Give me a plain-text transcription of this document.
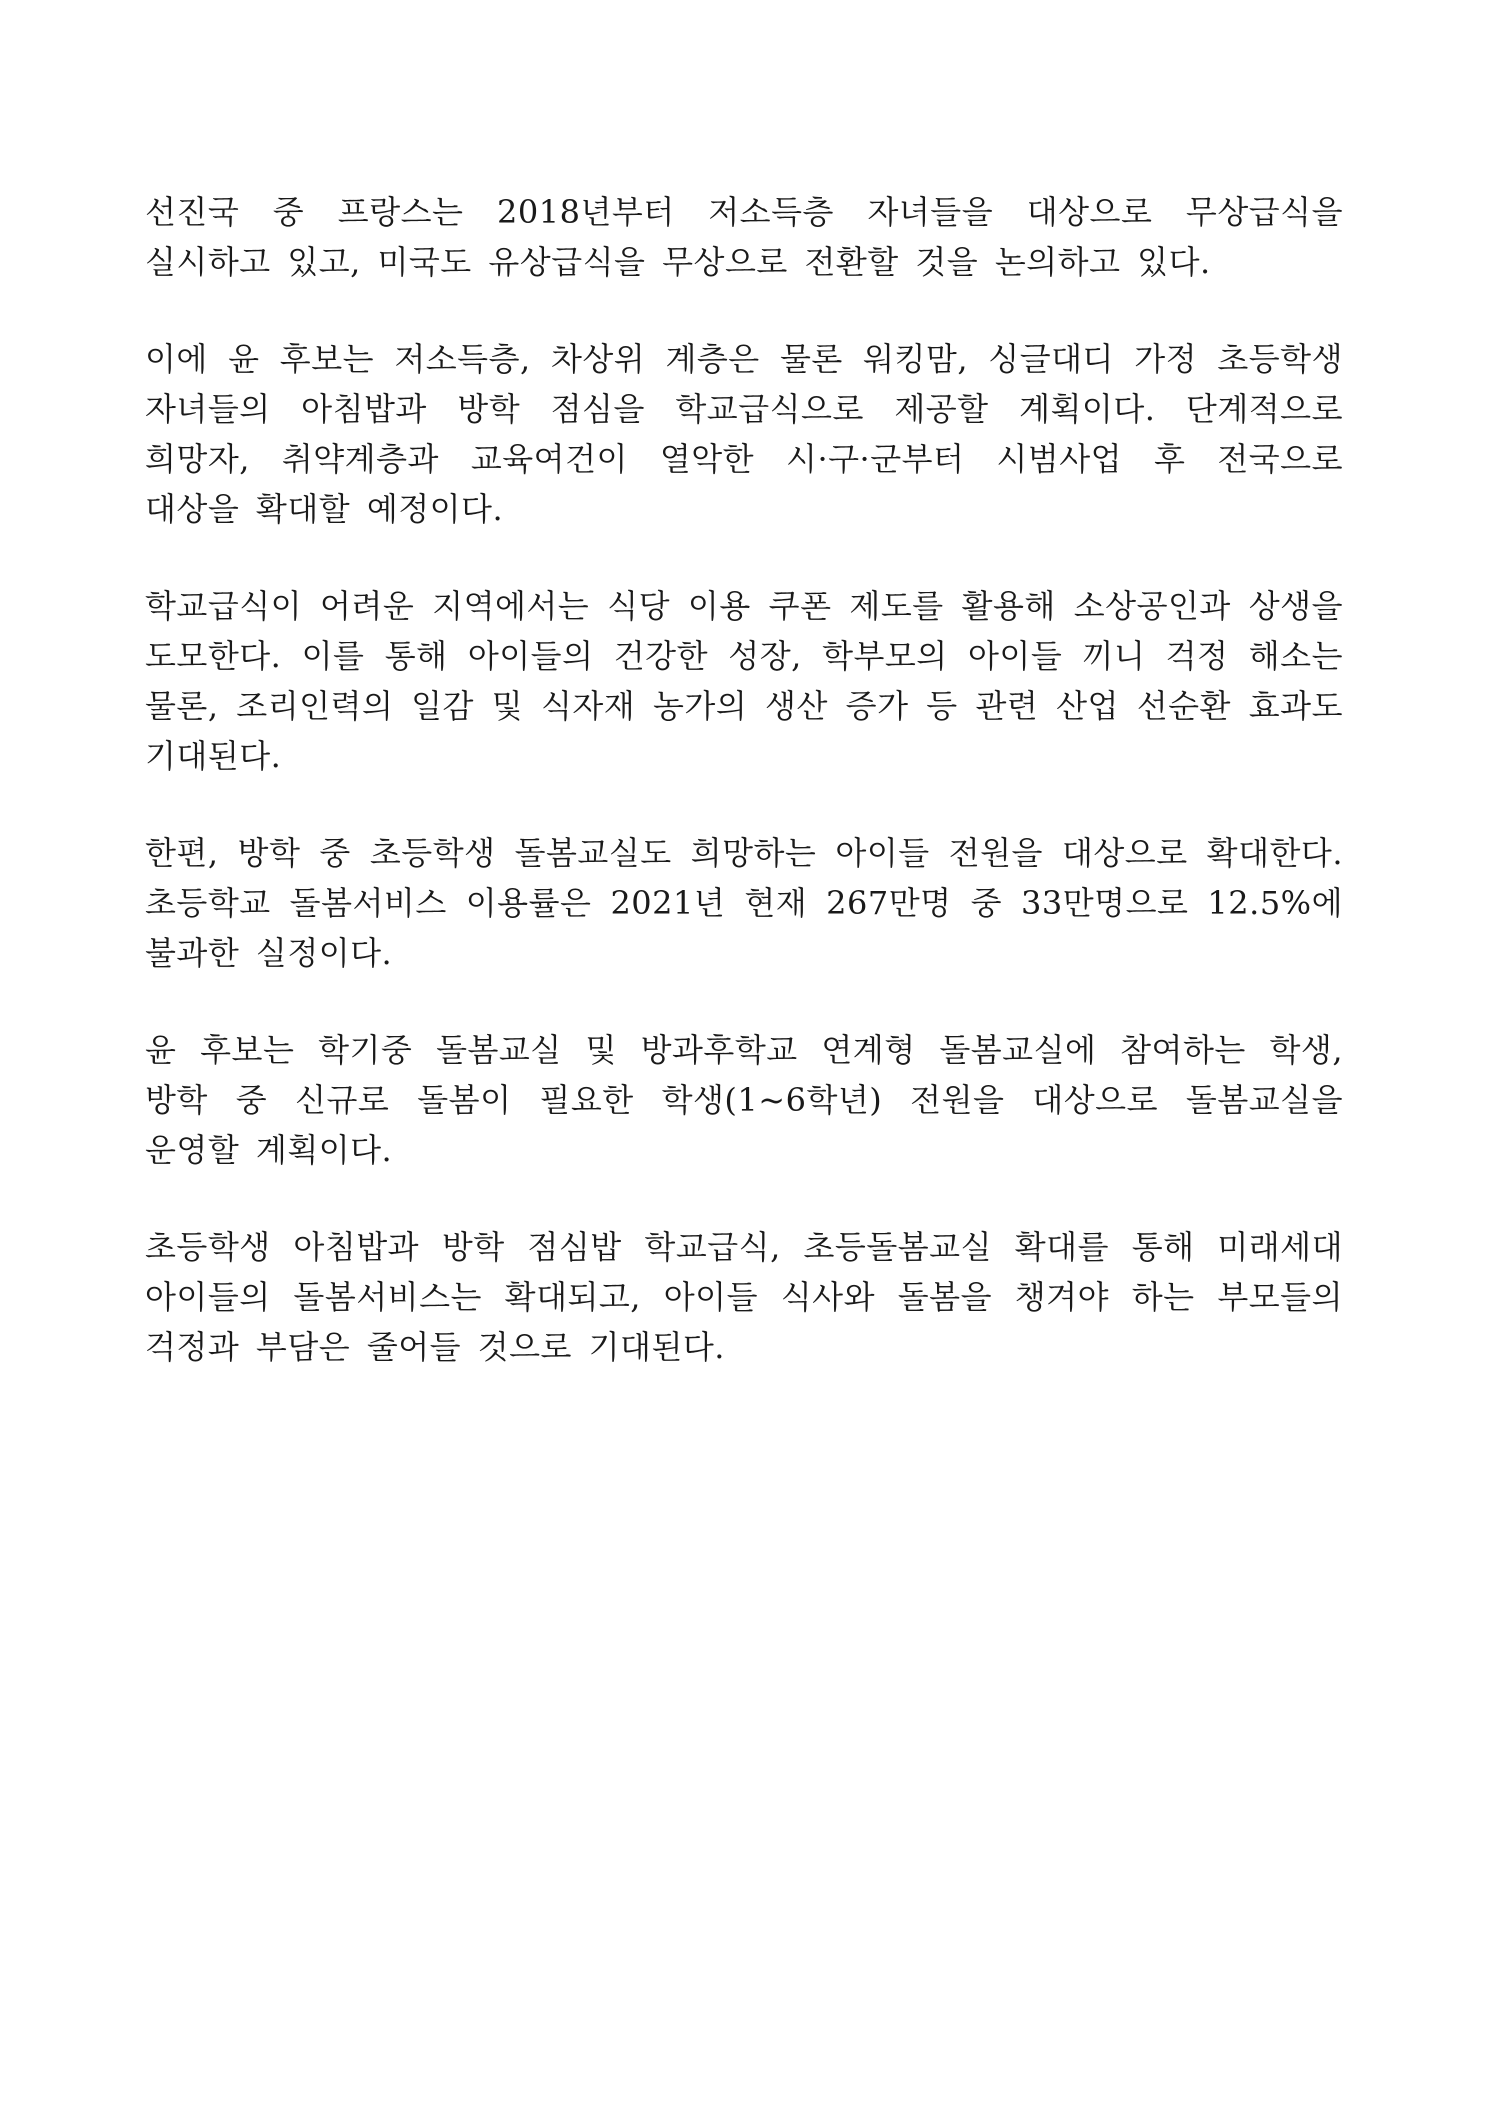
선진국 중 프랑스는 2018년부터 저소득층 자녀들을 대상으로 무상급식을 실시하고 있고, 미국도 유상급식을 무상으로 전환할 것을 논의하고 있다.

이에 윤 후보는 저소득층, 차상위 계층은 물론 워킹맘, 싱글대디 가정 초등학생 자녀들의 아침밥과 방학 점심을 학교급식으로 제공할 계획이다. 단계적으로 희망자, 취약계층과 교육여건이 열악한 시·구·군부터 시범사업 후 전국으로 대상을 확대할 예정이다.

학교급식이 어려운 지역에서는 식당 이용 쿠폰 제도를 활용해 소상공인과 상생을 도모한다. 이를 통해 아이들의 건강한 성장, 학부모의 아이들 끼니 걱정 해소는 물론, 조리인력의 일감 및 식자재 농가의 생산 증가 등 관련 산업 선순환 효과도 기대된다.

한편, 방학 중 초등학생 돌봄교실도 희망하는 아이들 전원을 대상으로 확대한다. 초등학교 돌봄서비스 이용률은 2021년 현재 267만명 중 33만명으로 12.5%에 불과한 실정이다.

윤 후보는 학기중 돌봄교실 및 방과후학교 연계형 돌봄교실에 참여하는 학생, 방학 중 신규로 돌봄이 필요한 학생(1~6학년) 전원을 대상으로 돌봄교실을 운영할 계획이다.

초등학생 아침밥과 방학 점심밥 학교급식, 초등돌봄교실 확대를 통해 미래세대 아이들의 돌봄서비스는 확대되고, 아이들 식사와 돌봄을 챙겨야 하는 부모들의 걱정과 부담은 줄어들 것으로 기대된다.
